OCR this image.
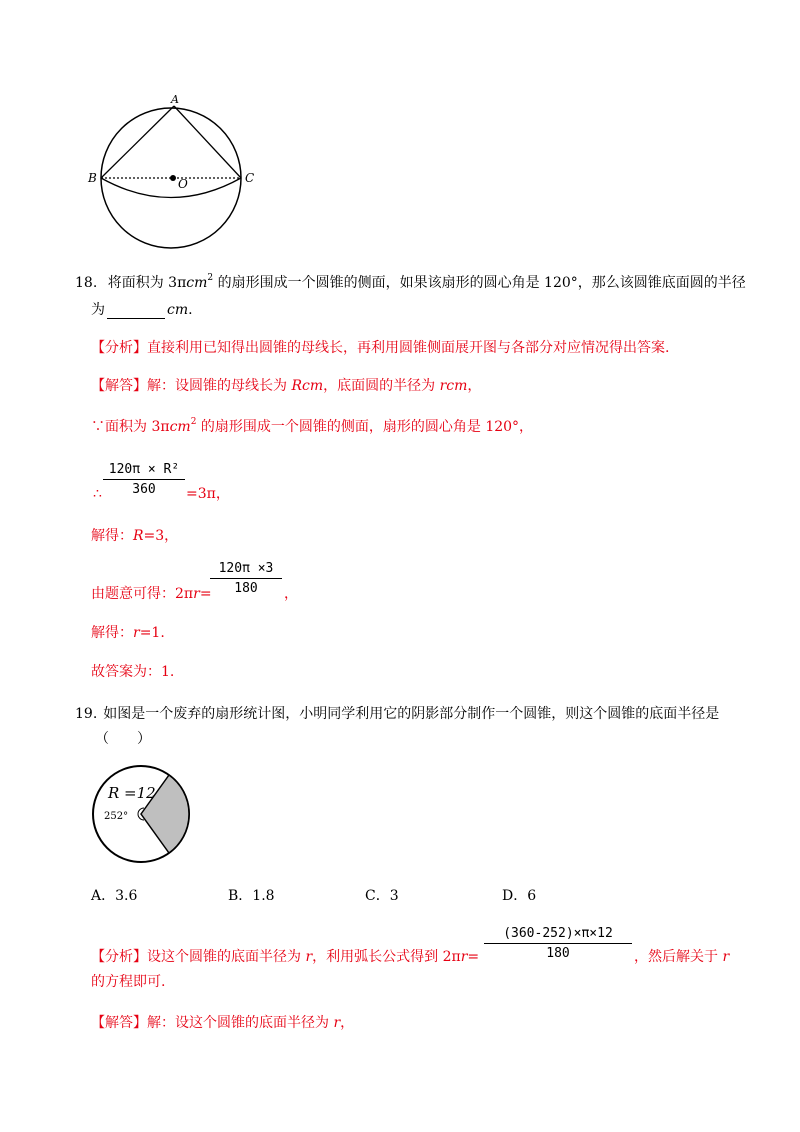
A
B	C
O
18. 将面积为 3πcm$^2$ 的扇形围成一个圆锥的侧面，如果该扇形的圆心角是 120°，那么该圆锥底面圆的半径
为	cm.
【分析】直接利用已知得出圆锥的母线长，再利用圆锥侧面展开图与各部分对应情况得出答案.
【解答】解：设圆锥的母线长为 Rcm，底面圆的半径为 rcm，
∵面积为 3πcm$^2$ 的扇形围成一个圆锥的侧面，扇形的圆心角是 120°，
120π × R²
360
∴	=3π，
解得：R=3，
由题意可得：2πr=
120π ×3
180	，
解得：r=1.
故答案为：1.
19. 如图是一个废弃的扇形统计图，小明同学利用它的阴影部分制作一个圆锥，则这个圆锥的底面半径是
（　　）
R =12
252°
A．3.6	B．1.8	C．3	D．6
【分析】设这个圆锥的底面半径为 r，利用弧长公式得到 2πr=
(360-252)×π×12
180	，然后解关于 r
的方程即可.
【解答】解：设这个圆锥的底面半径为 r，
